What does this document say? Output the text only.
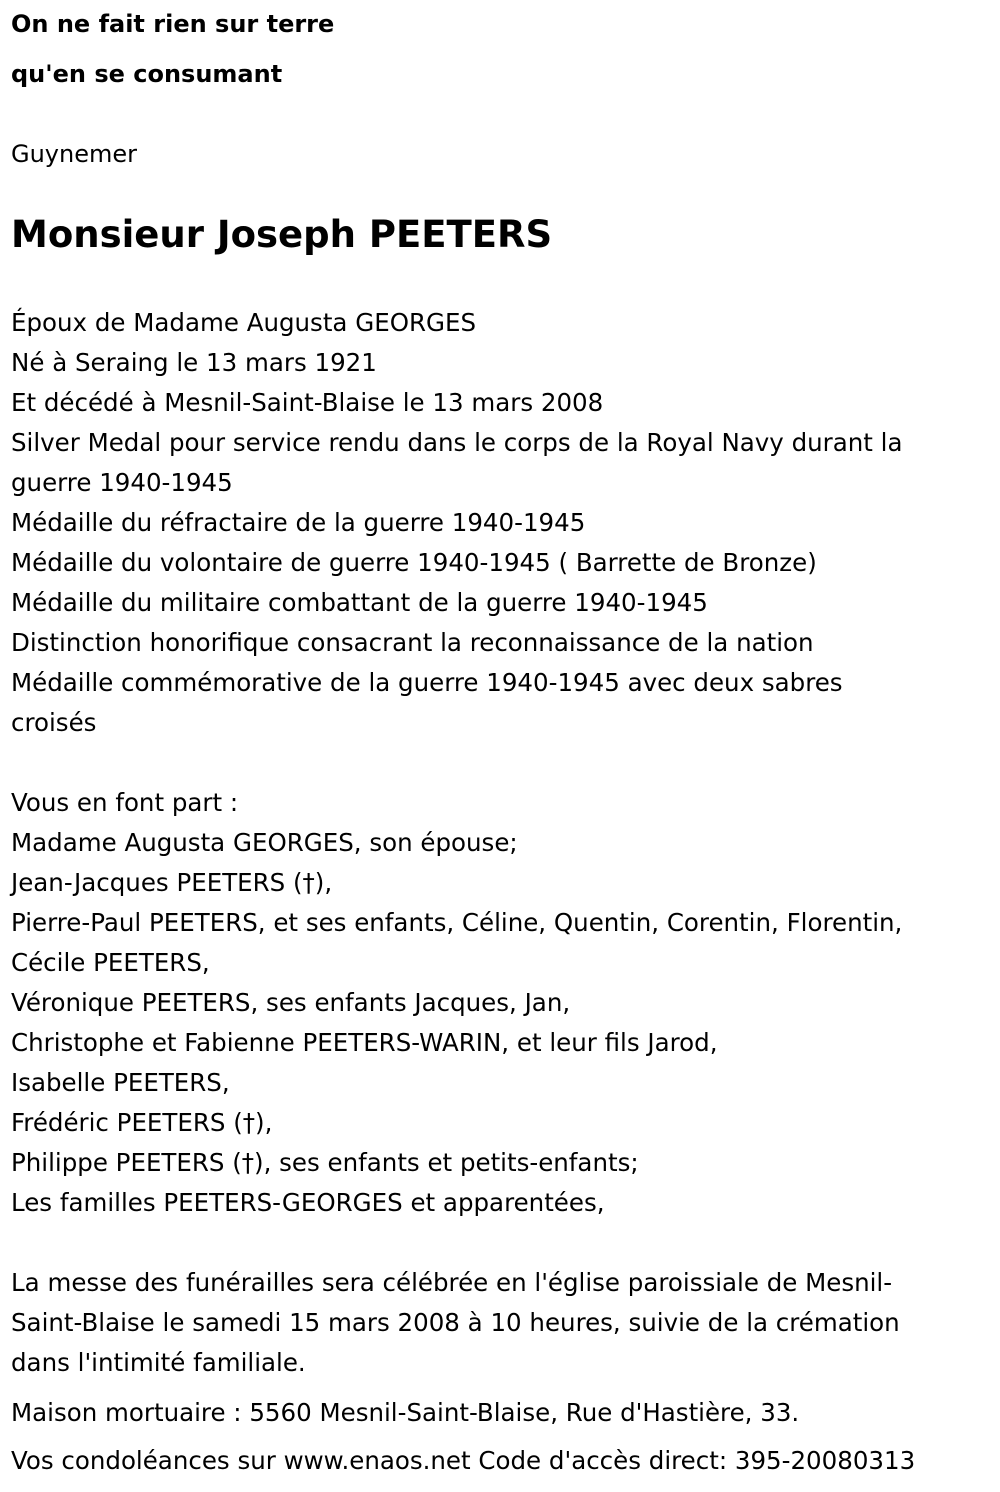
On ne fait rien sur terre
qu'en se consumant
Guynemer
Monsieur Joseph PEETERS
Époux de Madame Augusta GEORGES
Né à Seraing le 13 mars 1921
Et décédé à Mesnil-Saint-Blaise le 13 mars 2008
Silver Medal pour service rendu dans le corps de la Royal Navy durant la
guerre 1940-1945
Médaille du réfractaire de la guerre 1940-1945
Médaille du volontaire de guerre 1940-1945 ( Barrette de Bronze)
Médaille du militaire combattant de la guerre 1940-1945
Distinction honorifique consacrant la reconnaissance de la nation
Médaille commémorative de la guerre 1940-1945 avec deux sabres
croisés
Vous en font part :
Madame Augusta GEORGES, son épouse;
Jean-Jacques PEETERS (†),
Pierre-Paul PEETERS, et ses enfants, Céline, Quentin, Corentin, Florentin,
Cécile PEETERS,
Véronique PEETERS, ses enfants Jacques, Jan,
Christophe et Fabienne PEETERS-WARIN, et leur fils Jarod,
Isabelle PEETERS,
Frédéric PEETERS (†),
Philippe PEETERS (†), ses enfants et petits-enfants;
Les familles PEETERS-GEORGES et apparentées,
La messe des funérailles sera célébrée en l'église paroissiale de Mesnil-
Saint-Blaise le samedi 15 mars 2008 à 10 heures, suivie de la crémation
dans l'intimité familiale.
Maison mortuaire : 5560 Mesnil-Saint-Blaise, Rue d'Hastière, 33.
Vos condoléances sur www.enaos.net Code d'accès direct: 395-20080313
